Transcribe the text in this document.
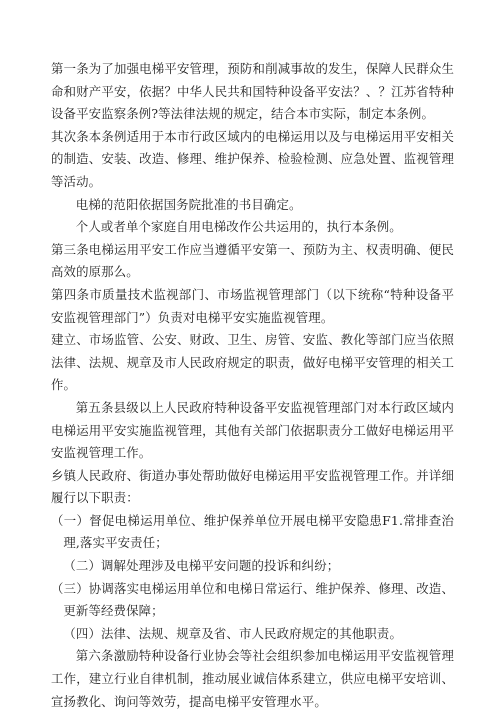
第一条为了加强电梯平安管理，预防和削减事故的发生，保障人民群众生命和财产平安，依据？中华人民共和国特种设备平安法？、？江苏省特种设备平安监察条例?等法律法规的规定，结合本市实际，制定本条例。

其次条本条例适用于本市行政区域内的电梯运用以及与电梯运用平安相关的制造、安装、改造、修理、维护保养、检验检测、应急处置、监视管理等活动。

电梯的范阳依据国务院批准的书目确定。

个人或者单个家庭自用电梯改作公共运用的，执行本条例。

第三条电梯运用平安工作应当遵循平安第一、预防为主、权责明确、便民高效的原那么。

第四条市质量技术监视部门、市场监视管理部门（以下统称“特种设备平安监视管理部门”）负责对电梯平安实施监视管理。

建立、市场监管、公安、财政、卫生、房管、安监、教化等部门应当依照法律、法规、规章及市人民政府规定的职责，做好电梯平安管理的相关工作。

第五条县级以上人民政府特种设备平安监视管理部门对本行政区域内电梯运用平安实施监视管理，其他有关部门依据职责分工做好电梯运用平安监视管理工作。

乡镇人民政府、街道办事处帮助做好电梯运用平安监视管理工作。并详细履行以下职责：

（一）督促电梯运用单位、维护保养单位开展电梯平安隐患F1.常排查治理,落实平安责任；

（二）调解处理涉及电梯平安问题的投诉和纠纷；

（三）协调落实电梯运用单位和电梯日常运行、维护保养、修理、改造、更新等经费保障；

（四）法律、法规、规章及省、市人民政府规定的其他职责。

第六条激励特种设备行业协会等社会组织参加电梯运用平安监视管理工作，建立行业自律机制，推动展业诚信体系建立，供应电梯平安培训、宣扬教化、询问等效劳，提高电梯平安管理水平。
